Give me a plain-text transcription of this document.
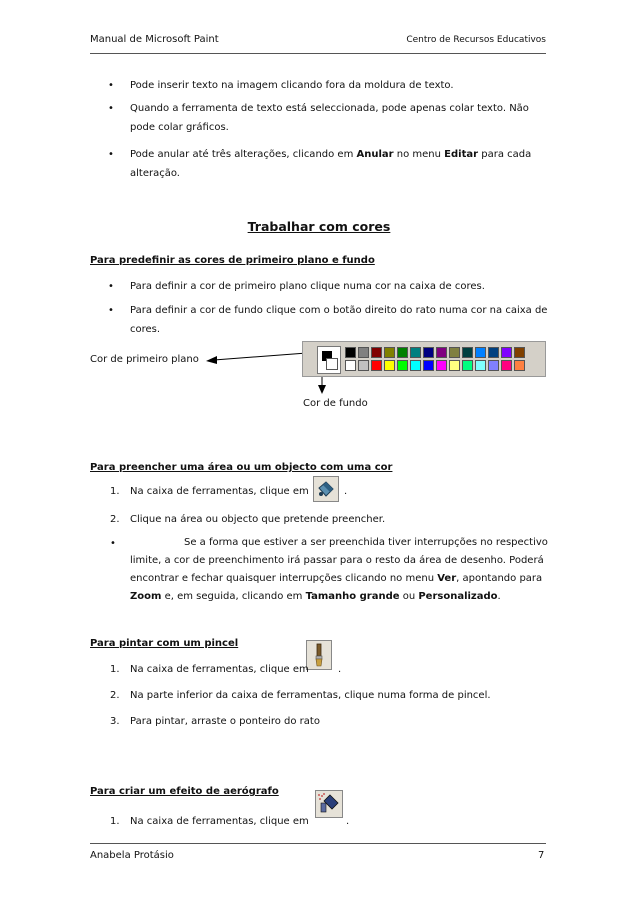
Manual de Microsoft Paint	Centro de Recursos Educativos
• Pode inserir texto na imagem clicando fora da moldura de texto.
• Quando a ferramenta de texto está seleccionada, pode apenas colar texto. Não
pode colar gráficos.
• Pode anular até três alterações, clicando em Anular no menu Editar para cada
alteração.
Trabalhar com cores
Para predefinir as cores de primeiro plano e fundo
• Para definir a cor de primeiro plano clique numa cor na caixa de cores.
• Para definir a cor de fundo clique com o botão direito do rato numa cor na caixa de
cores.
Cor de primeiro plano
Cor de fundo
Para preencher uma área ou um objecto com uma cor
1. Na caixa de ferramentas, clique em	.
2. Clique na área ou objecto que pretende preencher.
•	Se a forma que estiver a ser preenchida tiver interrupções no respectivo
limite, a cor de preenchimento irá passar para o resto da área de desenho. Poderá
encontrar e fechar quaisquer interrupções clicando no menu Ver, apontando para
Zoom e, em seguida, clicando em Tamanho grande ou Personalizado.
Para pintar com um pincel
1. Na caixa de ferramentas, clique em	.
2. Na parte inferior da caixa de ferramentas, clique numa forma de pincel.
3. Para pintar, arraste o ponteiro do rato
Para criar um efeito de aerógrafo
1. Na caixa de ferramentas, clique em	.
Anabela Protásio	7
